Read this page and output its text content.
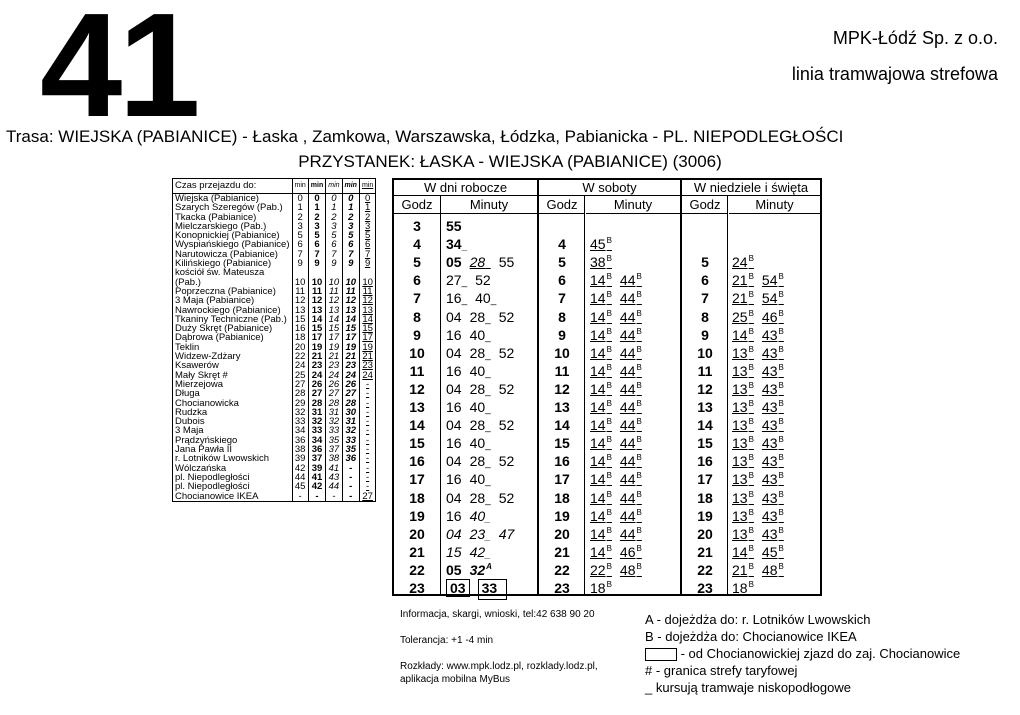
41	MPK-Łódź Sp. z o.o.
linia tramwajowa strefowa
Trasa: WIEJSKA (PABIANICE) - Łaska , Zamkowa, Warszawska, Łódzka, Pabianicka - PL. NIEPODLEGŁOŚCI
PRZYSTANEK: ŁASKA - WIEJSKA (PABIANICE) (3006)
Czas przejazdu do:	min	min	min	min	min
Wiejska (Pabianice)	0	0	0	0	0
Szarych Szeregów (Pab.)	1	1	1	1	1
Tkacka (Pabianice)	2	2	2	2	2
Mielczarskiego (Pab.)	3	3	3	3	3
Konopnickiej (Pabianice)	5	5	5	5	5
Wyspiańskiego (Pabianice)	6	6	6	6	6
Narutowicza (Pabianice)	7	7	7	7	7
Kilińskiego (Pabianice)	9	9	9	9	9
kościół św. Mateusza					
(Pab.)	10	10	10	10	10
Poprzeczna (Pabianice)	11	11	11	11	11
3 Maja (Pabianice)	12	12	12	12	12
Nawrockiego (Pabianice)	13	13	13	13	13
Tkaniny Techniczne (Pab.)	15	14	14	14	14
Duży Skręt (Pabianice)	16	15	15	15	15
Dąbrowa (Pabianice)	18	17	17	17	17
Teklin	20	19	19	19	19
Widzew-Zdżary	22	21	21	21	21
Ksawerów	24	23	23	23	23
Mały Skręt #	25	24	24	24	24
Mierzejowa	27	26	26	26	-
Długa	28	27	27	27	-
Chocianowicka	29	28	28	28	-
Rudzka	32	31	31	30	-
Dubois	33	32	32	31	-
3 Maja	34	33	33	32	-
Prądzyńskiego	36	34	35	33	-
Jana Pawła II	38	36	37	35	-
r. Lotników Lwowskich	39	37	38	36	-
Wólczańska	42	39	41	-	-
pl. Niepodległości	44	41	43	-	-
pl. Niepodległości	45	42	44	-	-
Chocianowice IKEA	-	-	-	-	27
W dni robocze	W soboty	W niedziele i święta
Godz	Minuty	Godz	Minuty	Godz	Minuty
3	55
4	34_
5	05 28_ 55
6	27_ 52
7	16_ 40_
8	04 28_ 52
9	16 40_
10	04 28_ 52
11	16 40_
12	04 28_ 52
13	16 40_
14	04 28_ 52
15	16 40_
16	04 28_ 52
17	16 40_
18	04 28_ 52
19	16 40_
20	04 23_ 47
21	15 42_
22	05 $32^A$
23	03 33_
4	$45^B$
5	$38^B$
6	$14^B$ $44^B$
7	$14^B$ $44^B$
8	$14^B$ $44^B$
9	$14^B$ $44^B$
10	$14^B$ $44^B$
11	$14^B$ $44^B$
12	$14^B$ $44^B$
13	$14^B$ $44^B$
14	$14^B$ $44^B$
15	$14^B$ $44^B$
16	$14^B$ $44^B$
17	$14^B$ $44^B$
18	$14^B$ $44^B$
19	$14^B$ $44^B$
20	$14^B$ $44^B$
21	$14^B$ $46^B$
22	$22^B$ $48^B$
23	$18^B$
5	$24^B$
6	$21^B$ $54^B$
7	$21^B$ $54^B$
8	$25^B$ $46^B$
9	$14^B$ $43^B$
10	$13^B$ $43^B$
11	$13^B$ $43^B$
12	$13^B$ $43^B$
13	$13^B$ $43^B$
14	$13^B$ $43^B$
15	$13^B$ $43^B$
16	$13^B$ $43^B$
17	$13^B$ $43^B$
18	$13^B$ $43^B$
19	$13^B$ $43^B$
20	$13^B$ $43^B$
21	$14^B$ $45^B$
22	$21^B$ $48^B$
23	$18^B$
Informacja, skargi, wnioski, tel:42 638 90 20
Tolerancja: +1 -4 min
Rozkłady: www.mpk.lodz.pl, rozklady.lodz.pl,
aplikacja mobilna MyBus
A - dojeżdża do: r. Lotników Lwowskich
B - dojeżdża do: Chocianowice IKEA
- od Chocianowickiej zjazd do zaj. Chocianowice
# - granica strefy taryfowej
_ kursują tramwaje niskopodłogowe
